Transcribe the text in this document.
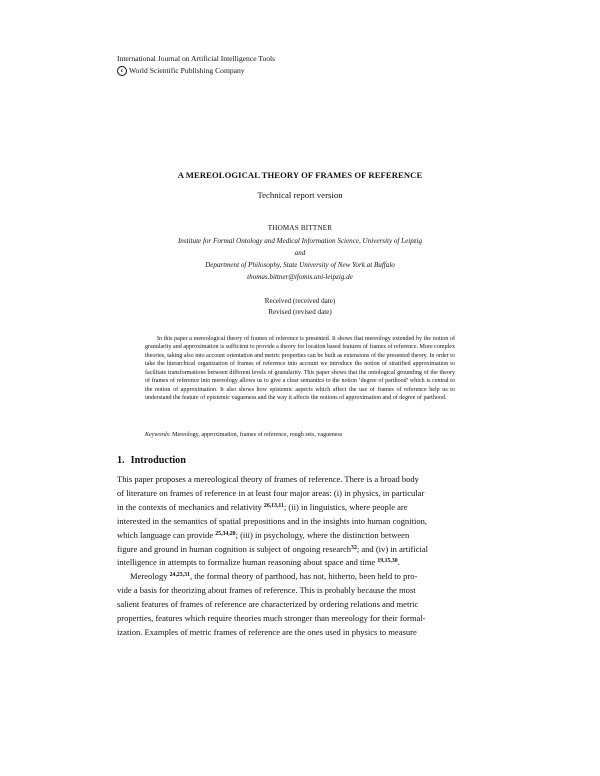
International Journal on Artificial Intelligence Tools
c World Scientific Publishing Company
A MEREOLOGICAL THEORY OF FRAMES OF REFERENCE
Technical report version
THOMAS BITTNER
Institute for Formal Ontology and Medical Information Science, University of Leipzig
and
Department of Philosophy, State University of New York at Buffalo
thomas.bittner@ifomis.uni-leipzig.de
Received (received date)
Revised (revised date)
In this paper a mereological theory of frames of reference is presented. It shows that mereology extended by the notion of granularity and approximation is sufficient to provide a theory for location based features of frames of reference. More complex theories, taking also into account orientation and metric properties can be built as extensions of the presented theory. In order to take the hierarchical organization of frames of reference into account we introduce the notion of stratified approximation to facilitate transformations between different levels of granularity. This paper shows that the ontological grounding of the theory of frames of reference into mereology allows us to give a clear semantics to the notion ‘degree of parthood’ which is central to the notion of approximation. It also shows how epistemic aspects which affect the use of frames of reference help us to understand the feature of epistemic vagueness and the way it affects the notions of approximation and of degree of parthood.
Keywords: Mereology, approximation, frames of reference, rough sets, vagueness
1. Introduction
This paper proposes a mereological theory of frames of reference. There is a broad body
of literature on frames of reference in at least four major areas: (i) in physics, in particular
in the contexts of mechanics and relativity $^{26,13,11}$; (ii) in linguistics, where people are
interested in the semantics of spatial prepositions and in the insights into human cognition,
which language can provide $^{25,34,20}$; (iii) in psychology, where the distinction between
figure and ground in human cognition is subject of ongoing research$^{32}$; and (iv) in artificial
intelligence in attempts to formalize human reasoning about space and time $^{19,15,30}$.
Mereology $^{24,23,31}$, the formal theory of parthood, has not, hitherto, been held to pro-
vide a basis for theorizing about frames of reference. This is probably because the most
salient features of frames of reference are characterized by ordering relations and metric
properties, features which require theories much stronger than mereology for their formal-
ization. Examples of metric frames of reference are the ones used in physics to measure
